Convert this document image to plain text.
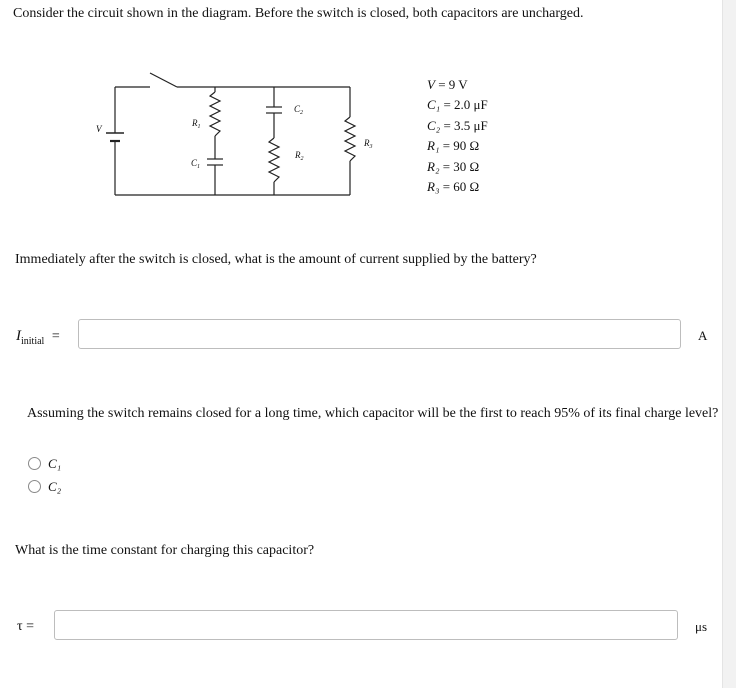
Consider the circuit shown in the diagram. Before the switch is closed, both capacitors are uncharged.
V
$R_1$
$C_1$
$C_2$
$R_2$
$R_3$
V = 9 V
C₁ = 2.0 μF
C₂ = 3.5 μF
R₁ = 90 Ω
R₂ = 30 Ω
R₃ = 60 Ω
Immediately after the switch is closed, what is the amount of current supplied by the battery?
$I_{initial}$ =	A
Assuming the switch remains closed for a long time, which capacitor will be the first to reach 95% of its final charge level?
C₁
C₂
What is the time constant for charging this capacitor?
τ =	μs
